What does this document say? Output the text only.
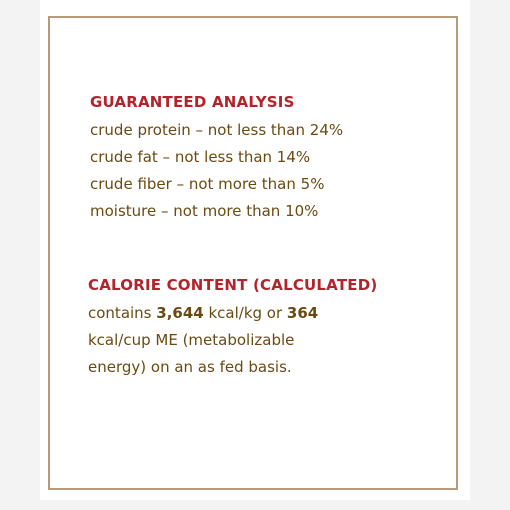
GUARANTEED ANALYSIS
crude protein – not less than 24%
crude fat – not less than 14%
crude fiber – not more than 5%
moisture – not more than 10%
CALORIE CONTENT (CALCULATED)
contains 3,644 kcal/kg or 364
kcal/cup ME (metabolizable
energy) on an as fed basis.
